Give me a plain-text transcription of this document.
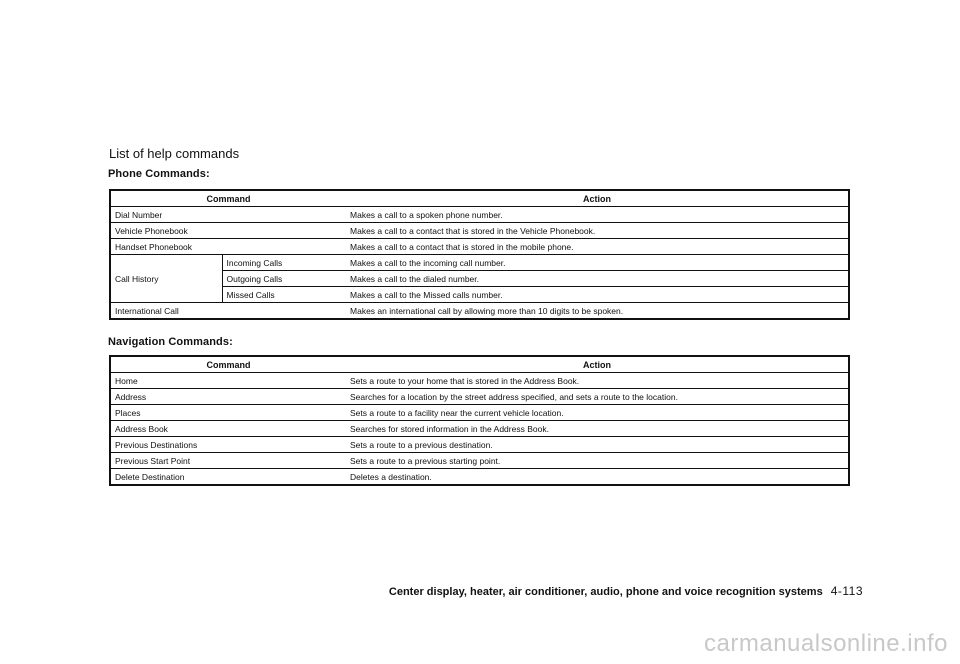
List of help commands
Phone Commands:
Command		Action
Dial Number		Makes a call to a spoken phone number.
Vehicle Phonebook		Makes a call to a contact that is stored in the Vehicle Phonebook.
Handset Phonebook		Makes a call to a contact that is stored in the mobile phone.
Call History	Incoming Calls	Makes a call to the incoming call number.
	Outgoing Calls	Makes a call to the dialed number.
	Missed Calls	Makes a call to the Missed calls number.
International Call		Makes an international call by allowing more than 10 digits to be spoken.
Navigation Commands:
Command	Action
Home	Sets a route to your home that is stored in the Address Book.
Address	Searches for a location by the street address specified, and sets a route to the location.
Places	Sets a route to a facility near the current vehicle location.
Address Book	Searches for stored information in the Address Book.
Previous Destinations	Sets a route to a previous destination.
Previous Start Point	Sets a route to a previous starting point.
Delete Destination	Deletes a destination.
Center display, heater, air conditioner, audio, phone and voice recognition systems 4-113
carmanualsonline.info
